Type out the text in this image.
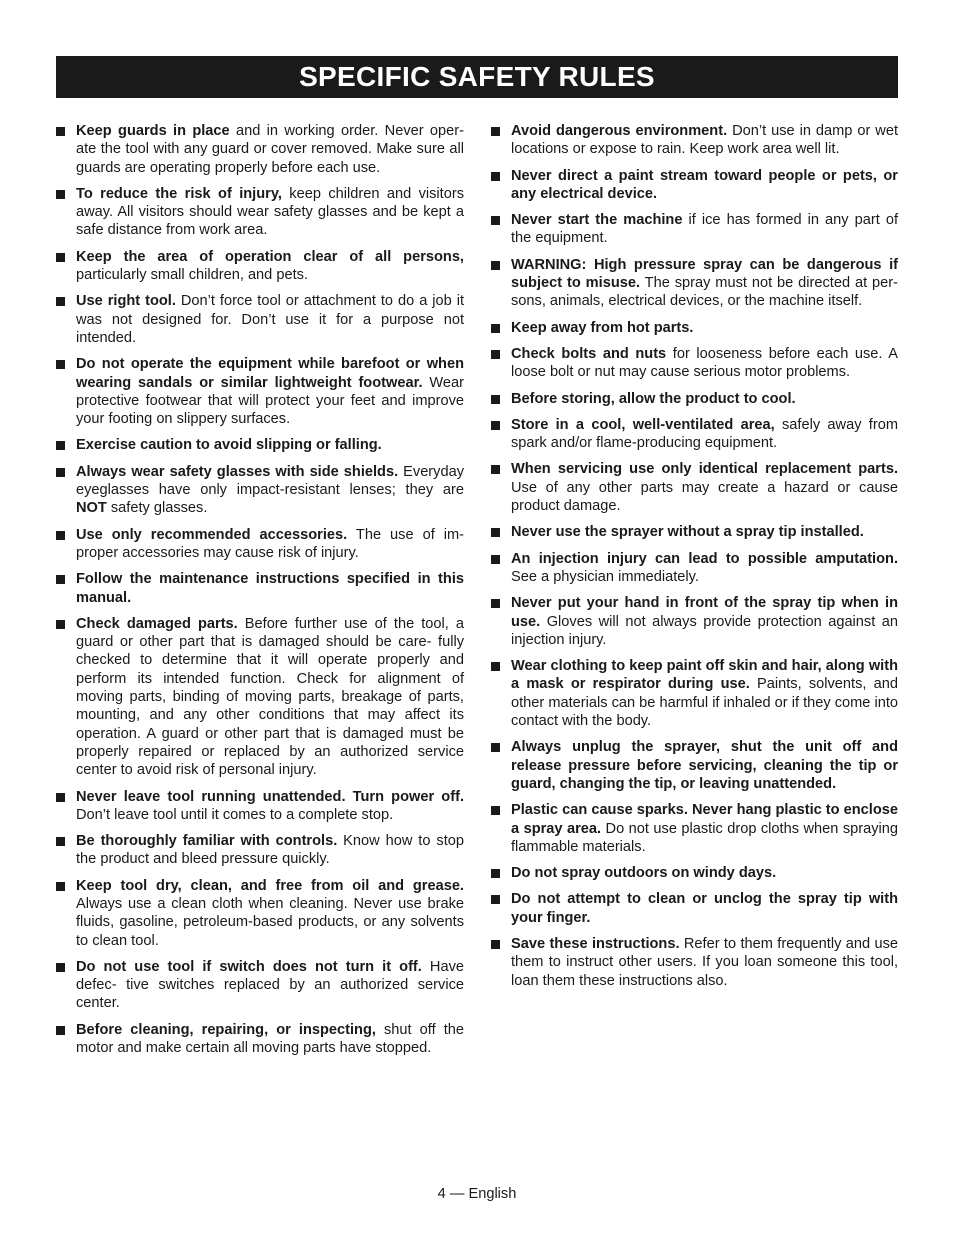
SPECIFIC SAFETY RULES
Keep guards in place and in working order. Never oper- ate the tool with any guard or cover removed. Make sure all guards are operating properly before each use.
To reduce the risk of injury, keep children and visitors away. All visitors should wear safety glasses and be kept a safe distance from work area.
Keep the area of operation clear of all persons, particularly small children, and pets.
Use right tool. Don’t force tool or attachment to do a job it was not designed for. Don’t use it for a purpose not intended.
Do not operate the equipment while barefoot or when wearing sandals or similar lightweight footwear. Wear protective footwear that will protect your feet and improve your footing on slippery surfaces.
Exercise caution to avoid slipping or falling.
Always wear safety glasses with side shields. Everyday eyeglasses have only impact-resistant lenses; they are NOT safety glasses.
Use only recommended accessories. The use of im- proper accessories may cause risk of injury.
Follow the maintenance instructions specified in this manual.
Check damaged parts. Before further use of the tool, a guard or other part that is damaged should be care- fully checked to determine that it will operate properly and perform its intended function. Check for alignment of moving parts, binding of moving parts, breakage of parts, mounting, and any other conditions that may affect its operation. A guard or other part that is damaged must be properly repaired or replaced by an authorized service center to avoid risk of personal injury.
Never leave tool running unattended. Turn power off. Don’t leave tool until it comes to a complete stop.
Be thoroughly familiar with controls. Know how to stop the product and bleed pressure quickly.
Keep tool dry, clean, and free from oil and grease. Always use a clean cloth when cleaning. Never use brake fluids, gasoline, petroleum-based products, or any solvents to clean tool.
Do not use tool if switch does not turn it off. Have defec- tive switches replaced by an authorized service center.
Before cleaning, repairing, or inspecting, shut off the motor and make certain all moving parts have stopped.
Avoid dangerous environment. Don’t use in damp or wet locations or expose to rain. Keep work area well lit.
Never direct a paint stream toward people or pets, or any electrical device.
Never start the machine if ice has formed in any part of the equipment.
WARNING: High pressure spray can be dangerous if subject to misuse. The spray must not be directed at per- sons, animals, electrical devices, or the machine itself.
Keep away from hot parts.
Check bolts and nuts for looseness before each use. A loose bolt or nut may cause serious motor problems.
Before storing, allow the product to cool.
Store in a cool, well-ventilated area, safely away from spark and/or flame-producing equipment.
When servicing use only identical replacement parts. Use of any other parts may create a hazard or cause product damage.
Never use the sprayer without a spray tip installed.
An injection injury can lead to possible amputation. See a physician immediately.
Never put your hand in front of the spray tip when in use. Gloves will not always provide protection against an injection injury.
Wear clothing to keep paint off skin and hair, along with a mask or respirator during use. Paints, solvents, and other materials can be harmful if inhaled or if they come into contact with the body.
Always unplug the sprayer, shut the unit off and release pressure before servicing, cleaning the tip or guard, changing the tip, or leaving unattended.
Plastic can cause sparks. Never hang plastic to enclose a spray area. Do not use plastic drop cloths when spraying flammable materials.
Do not spray outdoors on windy days.
Do not attempt to clean or unclog the spray tip with your finger.
Save these instructions. Refer to them frequently and use them to instruct other users. If you loan someone this tool, loan them these instructions also.
4 — English
